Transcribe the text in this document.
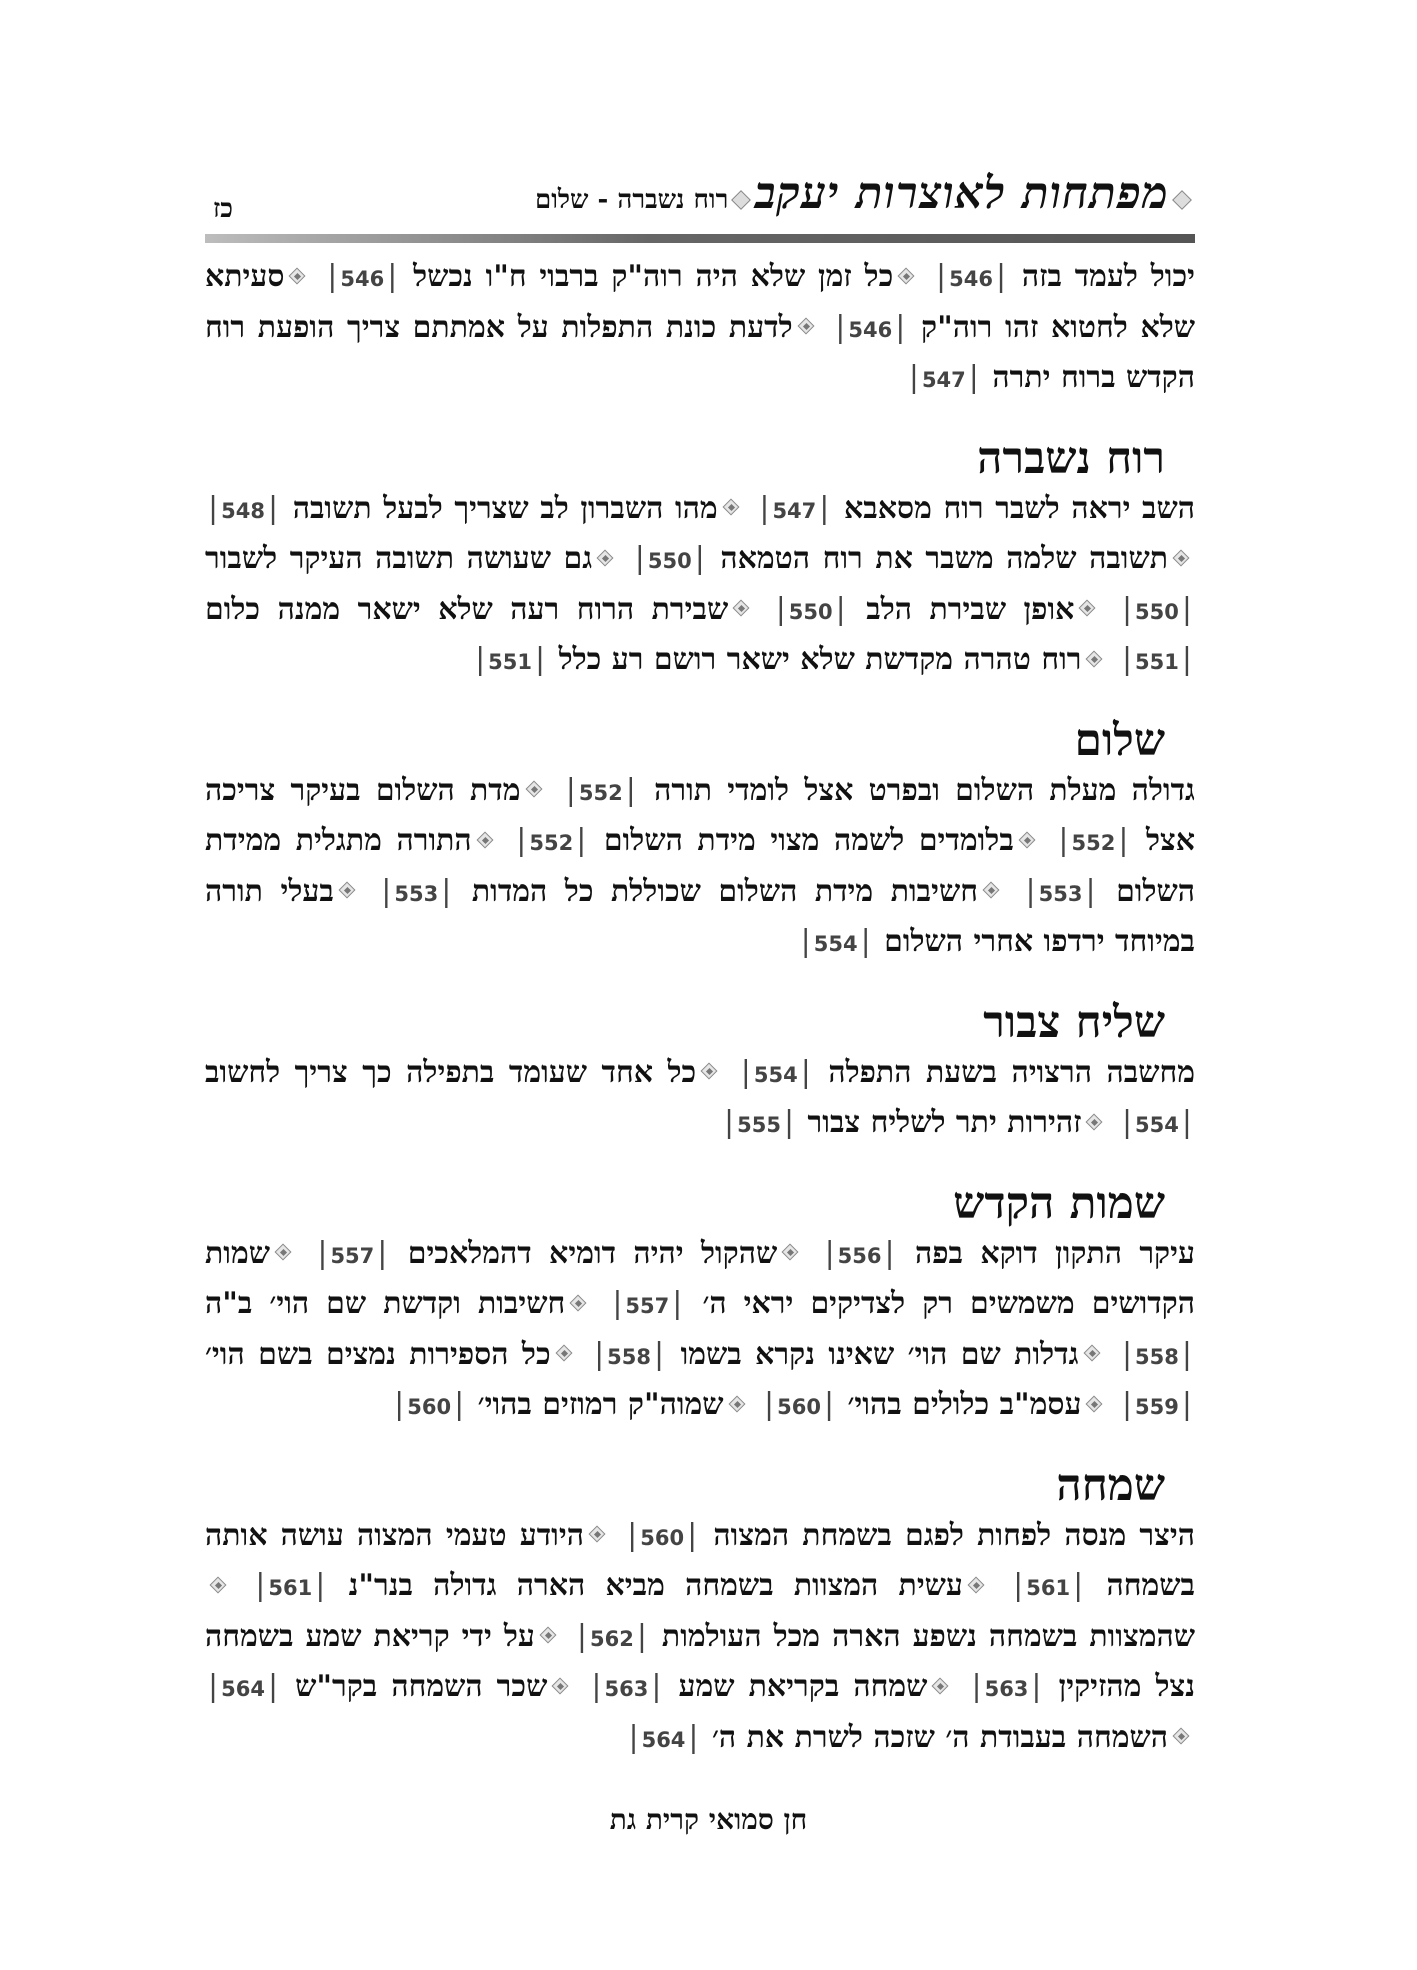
מפתחות לאוצרות יעקב
רוח נשברה - שלום
כז
יכול לעמד בזה |546| כל זמן שלא היה רוה"ק ברבוי ח"ו נכשל |546| סעיתא שלא לחטוא זהו רוה"ק |546| לדעת כונת התפלות על אמתתם צריך הופעת רוח הקדש ברוח יתרה |547|
רוח נשברה
השב יראה לשבר רוח מסאבא |547| מהו השברון לב שצריך לבעל תשובה |548| תשובה שלמה משבר את רוח הטמאה |550| גם שעושה תשובה העיקר לשבור |550| אופן שבירת הלב |550| שבירת הרוח רעה שלא ישאר ממנה כלום |551| רוח טהרה מקדשת שלא ישאר רושם רע כלל |551|
שלום
גדולה מעלת השלום ובפרט אצל לומדי תורה |552| מדת השלום בעיקר צריכה אצל |552| בלומדים לשמה מצוי מידת השלום |552| התורה מתגלית ממידת השלום |553| חשיבות מידת השלום שכוללת כל המדות |553| בעלי תורה במיוחד ירדפו אחרי השלום |554|
שליח צבור
מחשבה הרצויה בשעת התפלה |554| כל אחד שעומד בתפילה כך צריך לחשוב |554| זהירות יתר לשליח צבור |555|
שמות הקדש
עיקר התקון דוקא בפה |556| שהקול יהיה דומיא דהמלאכים |557| שמות הקדושים משמשים רק לצדיקים יראי ה׳ |557| חשיבות וקדשת שם הוי׳ ב"ה |558| גדלות שם הוי׳ שאינו נקרא בשמו |558| כל הספירות נמצים בשם הוי׳ |559| עסמ"ב כלולים בהוי׳ |560| שמוה"ק רמוזים בהוי׳ |560|
שמחה
היצר מנסה לפחות לפגם בשמחת המצוה |560| היודע טעמי המצוה עושה אותה בשמחה |561| עשית המצוות בשמחה מביא הארה גדולה בנר"נ |561| שהמצוות בשמחה נשפע הארה מכל העולמות |562| על ידי קריאת שמע בשמחה נצל מהזיקין |563| שמחה בקריאת שמע |563| שכר השמחה בקר"ש |564| השמחה בעבודת ה׳ שזכה לשרת את ה׳ |564|
חן סמואי קרית גת
